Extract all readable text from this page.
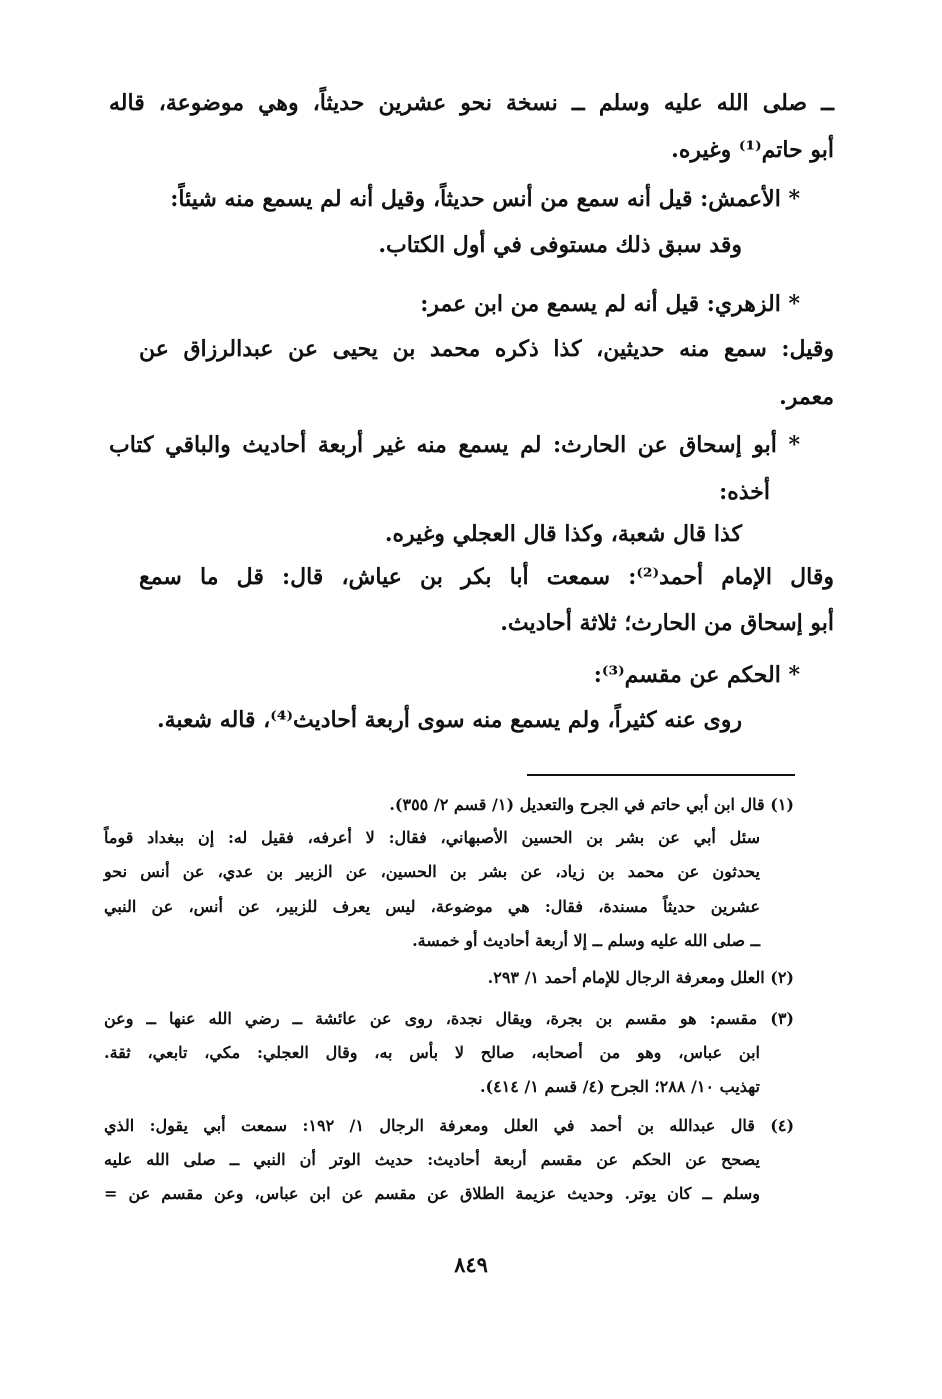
ــ صلى الله عليه وسلم ــ نسخة نحو عشرين حديثاً، وهي موضوعة، قاله
أبو حاتم⁽¹⁾ وغيره.
* الأعمش: قيل أنه سمع من أنس حديثاً، وقيل أنه لم يسمع منه شيئاً:
وقد سبق ذلك مستوفى في أول الكتاب.
* الزهري: قيل أنه لم يسمع من ابن عمر:
وقيل: سمع منه حديثين، كذا ذكره محمد بن يحيى عن عبدالرزاق عن
معمر.
* أبو إسحاق عن الحارث: لم يسمع منه غير أربعة أحاديث والباقي كتاب
أخذه:
كذا قال شعبة، وكذا قال العجلي وغيره.
وقال الإمام أحمد⁽²⁾: سمعت أبا بكر بن عياش، قال: قل ما سمع
أبو إسحاق من الحارث؛ ثلاثة أحاديث.
* الحكم عن مقسم⁽³⁾:
روى عنه كثيراً، ولم يسمع منه سوى أربعة أحاديث⁽⁴⁾، قاله شعبة.
(١) قال ابن أبي حاتم في الجرح والتعديل (١/ قسم ٢/ ٣٥٥).
سئل أبي عن بشر بن الحسين الأصبهاني، فقال: لا أعرفه، فقيل له: إن ببغداد قوماً
يحدثون عن محمد بن زياد، عن بشر بن الحسين، عن الزبير بن عدي، عن أنس نحو
عشرين حديثاً مسندة، فقال: هي موضوعة، ليس يعرف للزبير، عن أنس، عن النبي
ــ صلى الله عليه وسلم ــ إلا أربعة أحاديث أو خمسة.
(٢) العلل ومعرفة الرجال للإمام أحمد ١/ ٢٩٣.
(٣) مقسم: هو مقسم بن بجرة، ويقال نجدة، روى عن عائشة ــ رضي الله عنها ــ وعن
ابن عباس، وهو من أصحابه، صالح لا بأس به، وقال العجلي: مكي، تابعي، ثقة.
تهذيب ١٠/ ٢٨٨؛ الجرح (٤/ قسم ١/ ٤١٤).
(٤) قال عبدالله بن أحمد في العلل ومعرفة الرجال ١/ ١٩٢: سمعت أبي يقول: الذي
يصحح عن الحكم عن مقسم أربعة أحاديث: حديث الوتر أن النبي ــ صلى الله عليه
وسلم ــ كان يوتر. وحديث عزيمة الطلاق عن مقسم عن ابن عباس، وعن مقسم عن =
٨٤٩
